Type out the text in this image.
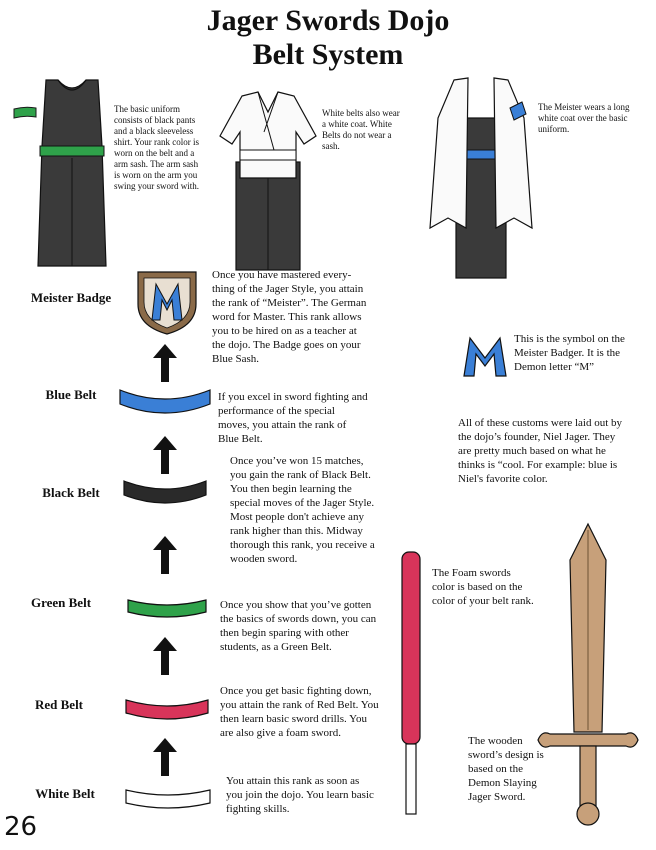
Jager Swords Dojo
Belt System
The basic uniform consists of black pants and a black sleeveless shirt. Your rank color is worn on the belt and a arm sash. The arm sash is worn on the arm you swing your sword with.
White belts also wear a white coat. White Belts do not wear a sash.
The Meister wears a long white coat over the basic uniform.
Meister Badge
Blue Belt
Black Belt
Green Belt
Red Belt
White Belt
Once you have mastered every-thing of the Jager Style, you attain the rank of “Meister”. The German word for Master. This rank allows you to be hired on as a teacher at the dojo. The Badge goes on your Blue Sash.
If you excel in sword fighting and performance of the special moves, you attain the rank of Blue Belt.
Once you’ve won 15 matches, you gain the rank of Black Belt. You then begin learning the special moves of the Jager Style. Most people don't achieve any rank higher than this. Midway thorough this rank, you receive a wooden sword.
Once you show that you’ve gotten the basics of swords down, you can then begin sparing with other students, as a Green Belt.
Once you get basic fighting down, you attain the rank of Red Belt. You then learn basic sword drills. You are also give a foam sword.
You attain this rank as soon as you join the dojo. You learn basic fighting skills.
This is the symbol on the Meister Badger. It is the Demon letter “M”
All of these customs were laid out by the dojo’s founder, Niel Jager. They are pretty much based on what he thinks is “cool. For example: blue is Niel's favorite color.
The Foam swords color is based on the color of your belt rank.
The wooden sword’s design is based on the Demon Slaying Jager Sword.
26
